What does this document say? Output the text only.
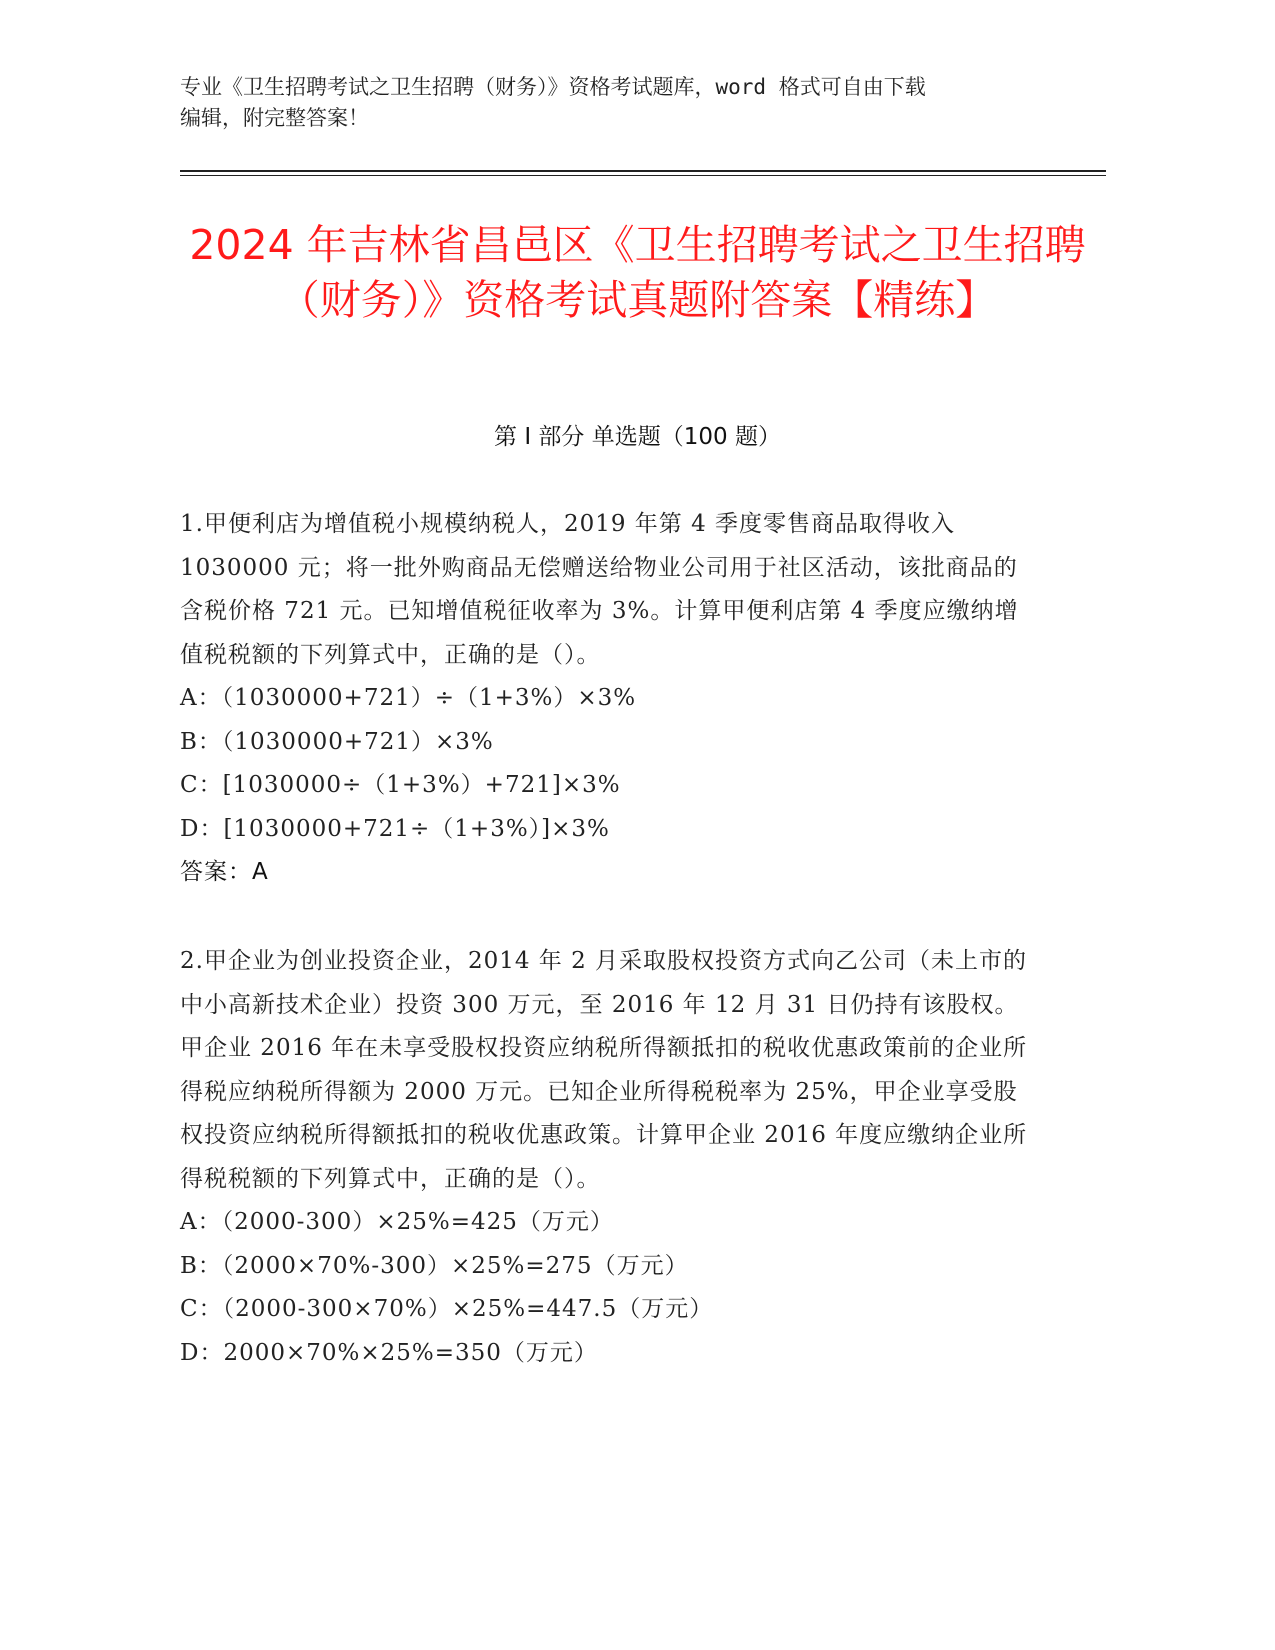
专业《卫生招聘考试之卫生招聘（财务）》资格考试题库，word 格式可自由下载
编辑，附完整答案！
2024 年吉林省昌邑区《卫生招聘考试之卫生招聘（财务）》资格考试真题附答案【精练】
第 I 部分 单选题（100 题）

1.甲便利店为增值税小规模纳税人，2019 年第 4 季度零售商品取得收入 1030000 元；将一批外购商品无偿赠送给物业公司用于社区活动，该批商品的含税价格 721 元。已知增值税征收率为 3%。计算甲便利店第 4 季度应缴纳增值税税额的下列算式中，正确的是（）。

A：（1030000+721）÷（1+3%）×3%

B：（1030000+721）×3%

C：[1030000÷（1+3%）+721]×3%

D：[1030000+721÷（1+3%）]×3%

答案：A

2.甲企业为创业投资企业，2014 年 2 月采取股权投资方式向乙公司（未上市的中小高新技术企业）投资 300 万元，至 2016 年 12 月 31 日仍持有该股权。甲企业 2016 年在未享受股权投资应纳税所得额抵扣的税收优惠政策前的企业所得税应纳税所得额为 2000 万元。已知企业所得税税率为 25%，甲企业享受股权投资应纳税所得额抵扣的税收优惠政策。计算甲企业 2016 年度应缴纳企业所得税税额的下列算式中，正确的是（）。

A：（2000-300）×25%=425（万元）

B：（2000×70%-300）×25%=275（万元）

C：（2000-300×70%）×25%=447.5（万元）

D：2000×70%×25%=350（万元）
